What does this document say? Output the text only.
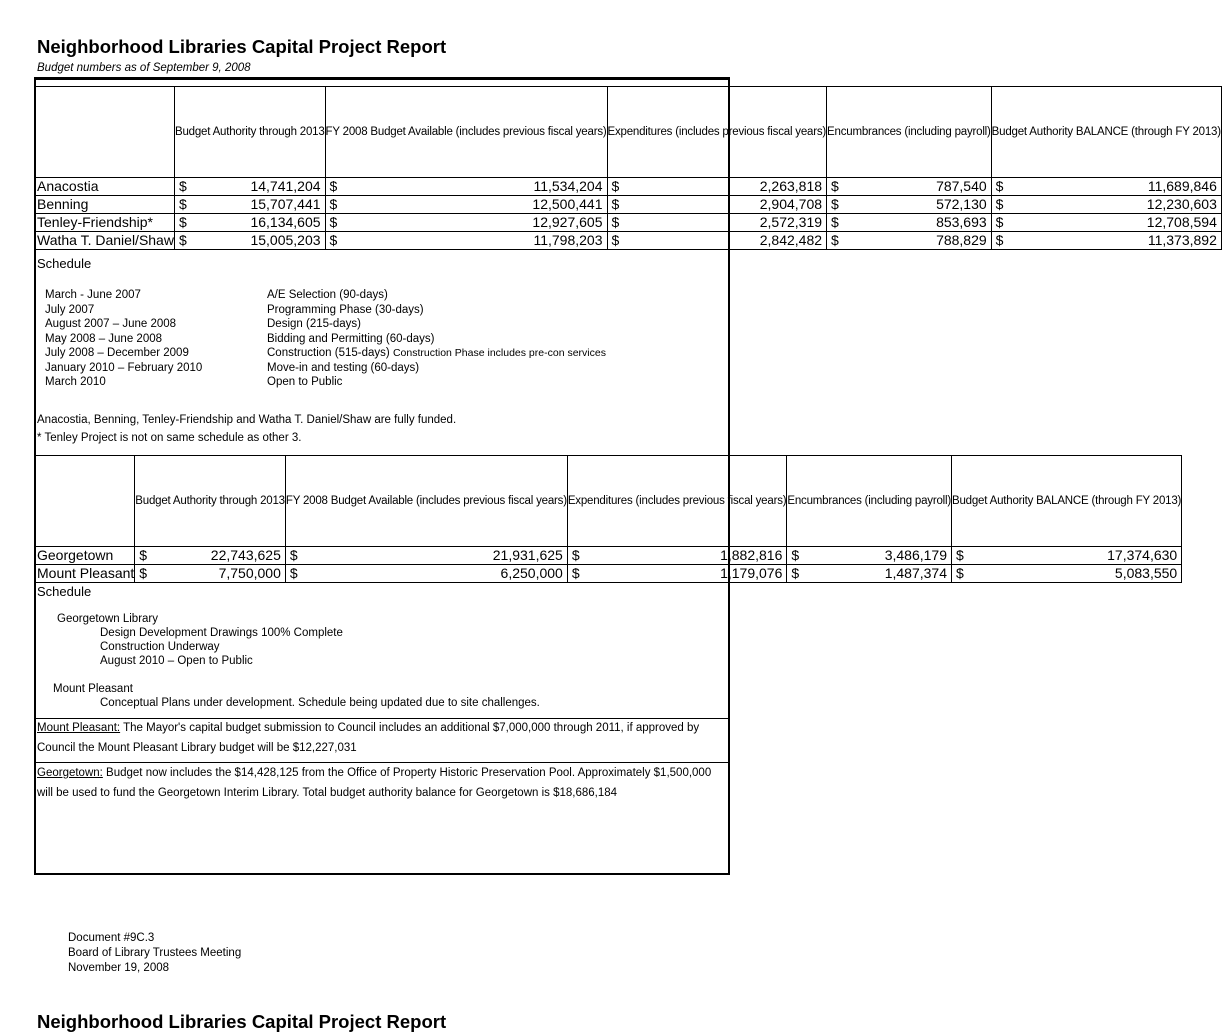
Neighborhood Libraries Capital Project Report
Budget numbers as of September 9, 2008
	Budget Authority through 2013	FY 2008 Budget Available (includes previous fiscal years)	Expenditures (includes previous fiscal years)	Encumbrances (including payroll)	Budget Authority BALANCE (through FY 2013)
Anacostia	$ 14,741,204	$ 11,534,204	$ 2,263,818	$ 787,540	$ 11,689,846

Benning	$ 15,707,441	$ 12,500,441	$ 2,904,708	$ 572,130	$ 12,230,603

Tenley-Friendship*	$ 16,134,605	$ 12,927,605	$ 2,572,319	$ 853,693	$ 12,708,594

Watha T. Daniel/Shaw	$ 15,005,203	$ 11,798,203	$ 2,842,482	$ 788,829	$ 11,373,892
Schedule
March - June 2007	A/E Selection (90-days)
July 2007	Programming Phase (30-days)
August 2007 – June 2008	Design (215-days)
May 2008 – June 2008	Bidding and Permitting (60-days)
July 2008 – December 2009	Construction (515-days) Construction Phase includes pre-con services
January 2010 – February 2010	Move-in and testing (60-days)
March 2010	Open to Public
Anacostia, Benning, Tenley-Friendship and Watha T. Daniel/Shaw are fully funded.
* Tenley Project is not on same schedule as other 3.
	Budget Authority through 2013	FY 2008 Budget Available (includes previous fiscal years)	Expenditures (includes previous fiscal years)	Encumbrances (including payroll)	Budget Authority BALANCE (through FY 2013)
Georgetown	$ 22,743,625	$ 21,931,625	$ 1,882,816	$ 3,486,179	$ 17,374,630

Mount Pleasant	$ 7,750,000	$ 6,250,000	$ 1,179,076	$ 1,487,374	$ 5,083,550
Schedule
Georgetown Library
Design Development Drawings 100% Complete
Construction Underway
August 2010 – Open to Public
Mount Pleasant
Conceptual Plans under development. Schedule being updated due to site challenges.
Mount Pleasant: The Mayor's capital budget submission to Council includes an additional $7,000,000 through 2011, if approved by Council the Mount Pleasant Library budget will be $12,227,031
Georgetown: Budget now includes the $14,428,125 from the Office of Property Historic Preservation Pool. Approximately $1,500,000 will be used to fund the Georgetown Interim Library. Total budget authority balance for Georgetown is $18,686,184
Document #9C.3
Board of Library Trustees Meeting
November 19, 2008
Neighborhood Libraries Capital Project Report
